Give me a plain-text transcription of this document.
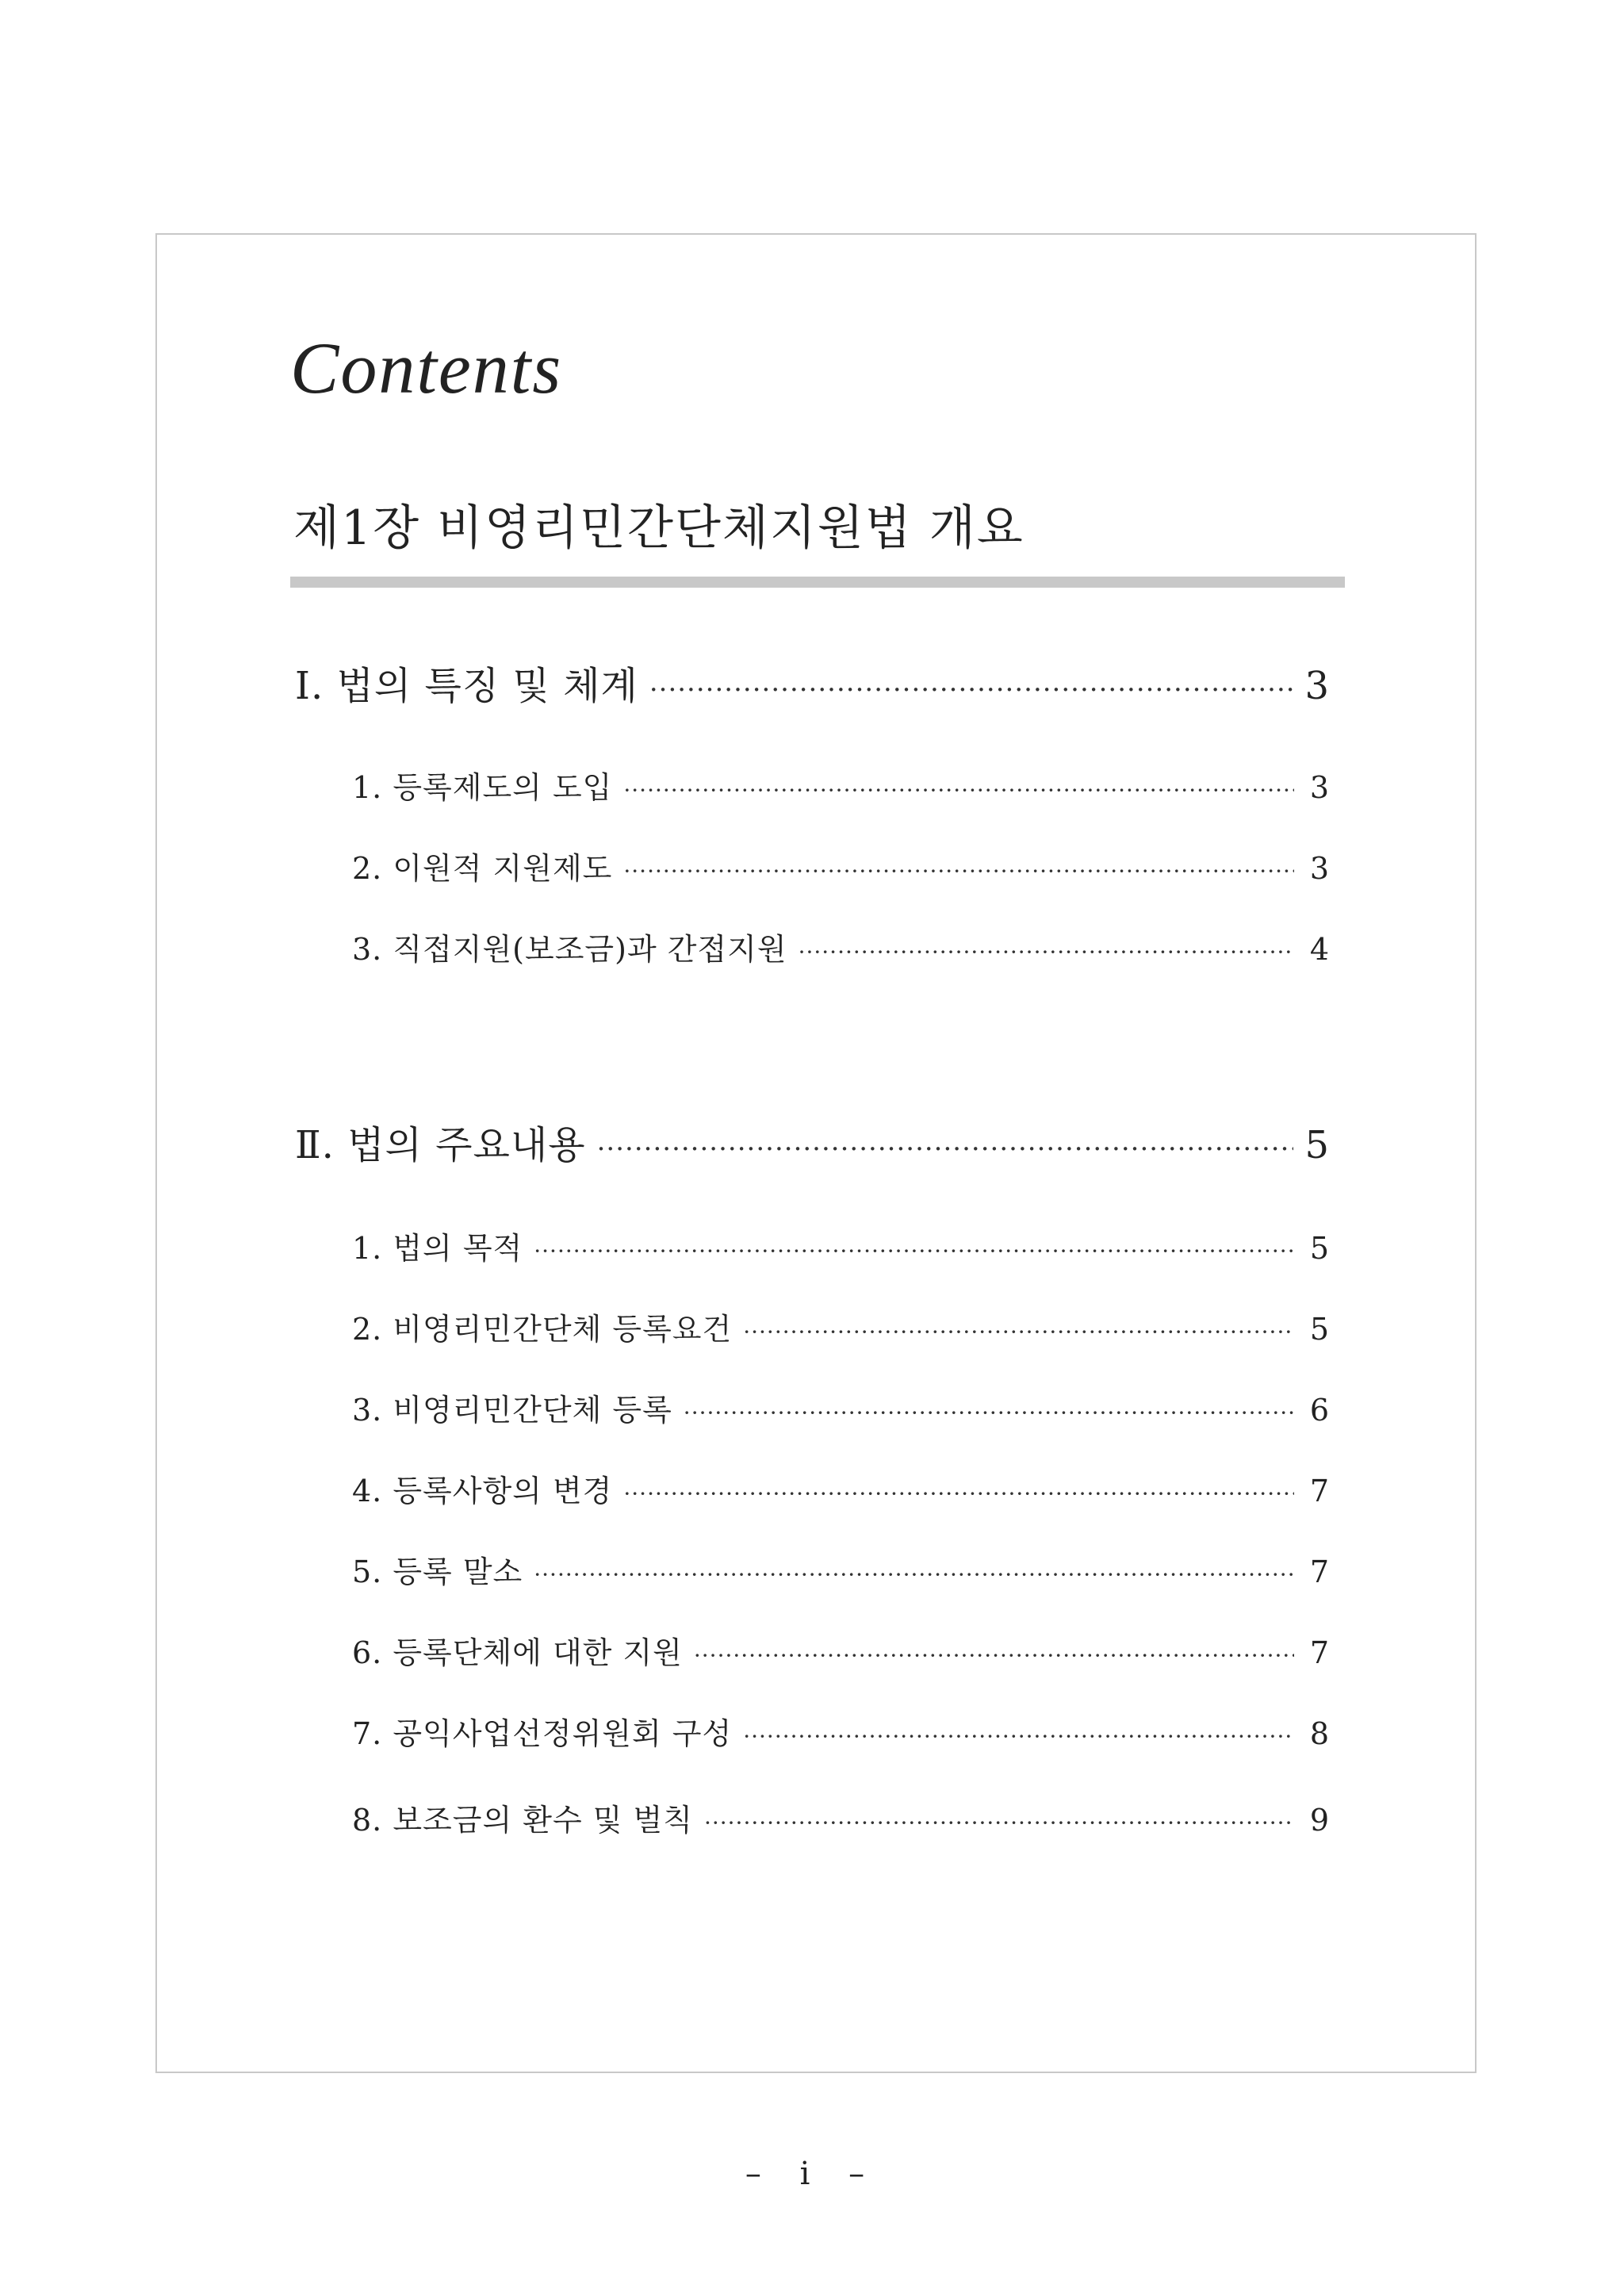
Contents
제1장 비영리민간단체지원법 개요
Ⅰ. 법의 특징 및 체계 ·····	3
1. 등록제도의 도입 ·····	3
2. 이원적 지원제도 ·····	3
3. 직접지원(보조금)과 간접지원 ·····	4
Ⅱ. 법의 주요내용 ·····	5
1. 법의 목적 ·····	5
2. 비영리민간단체 등록요건 ·····	5
3. 비영리민간단체 등록 ·····	6
4. 등록사항의 변경 ·····	7
5. 등록 말소 ·····	7
6. 등록단체에 대한 지원 ·····	7
7. 공익사업선정위원회 구성 ·····	8
8. 보조금의 환수 및 벌칙 ·····	9
– i –
